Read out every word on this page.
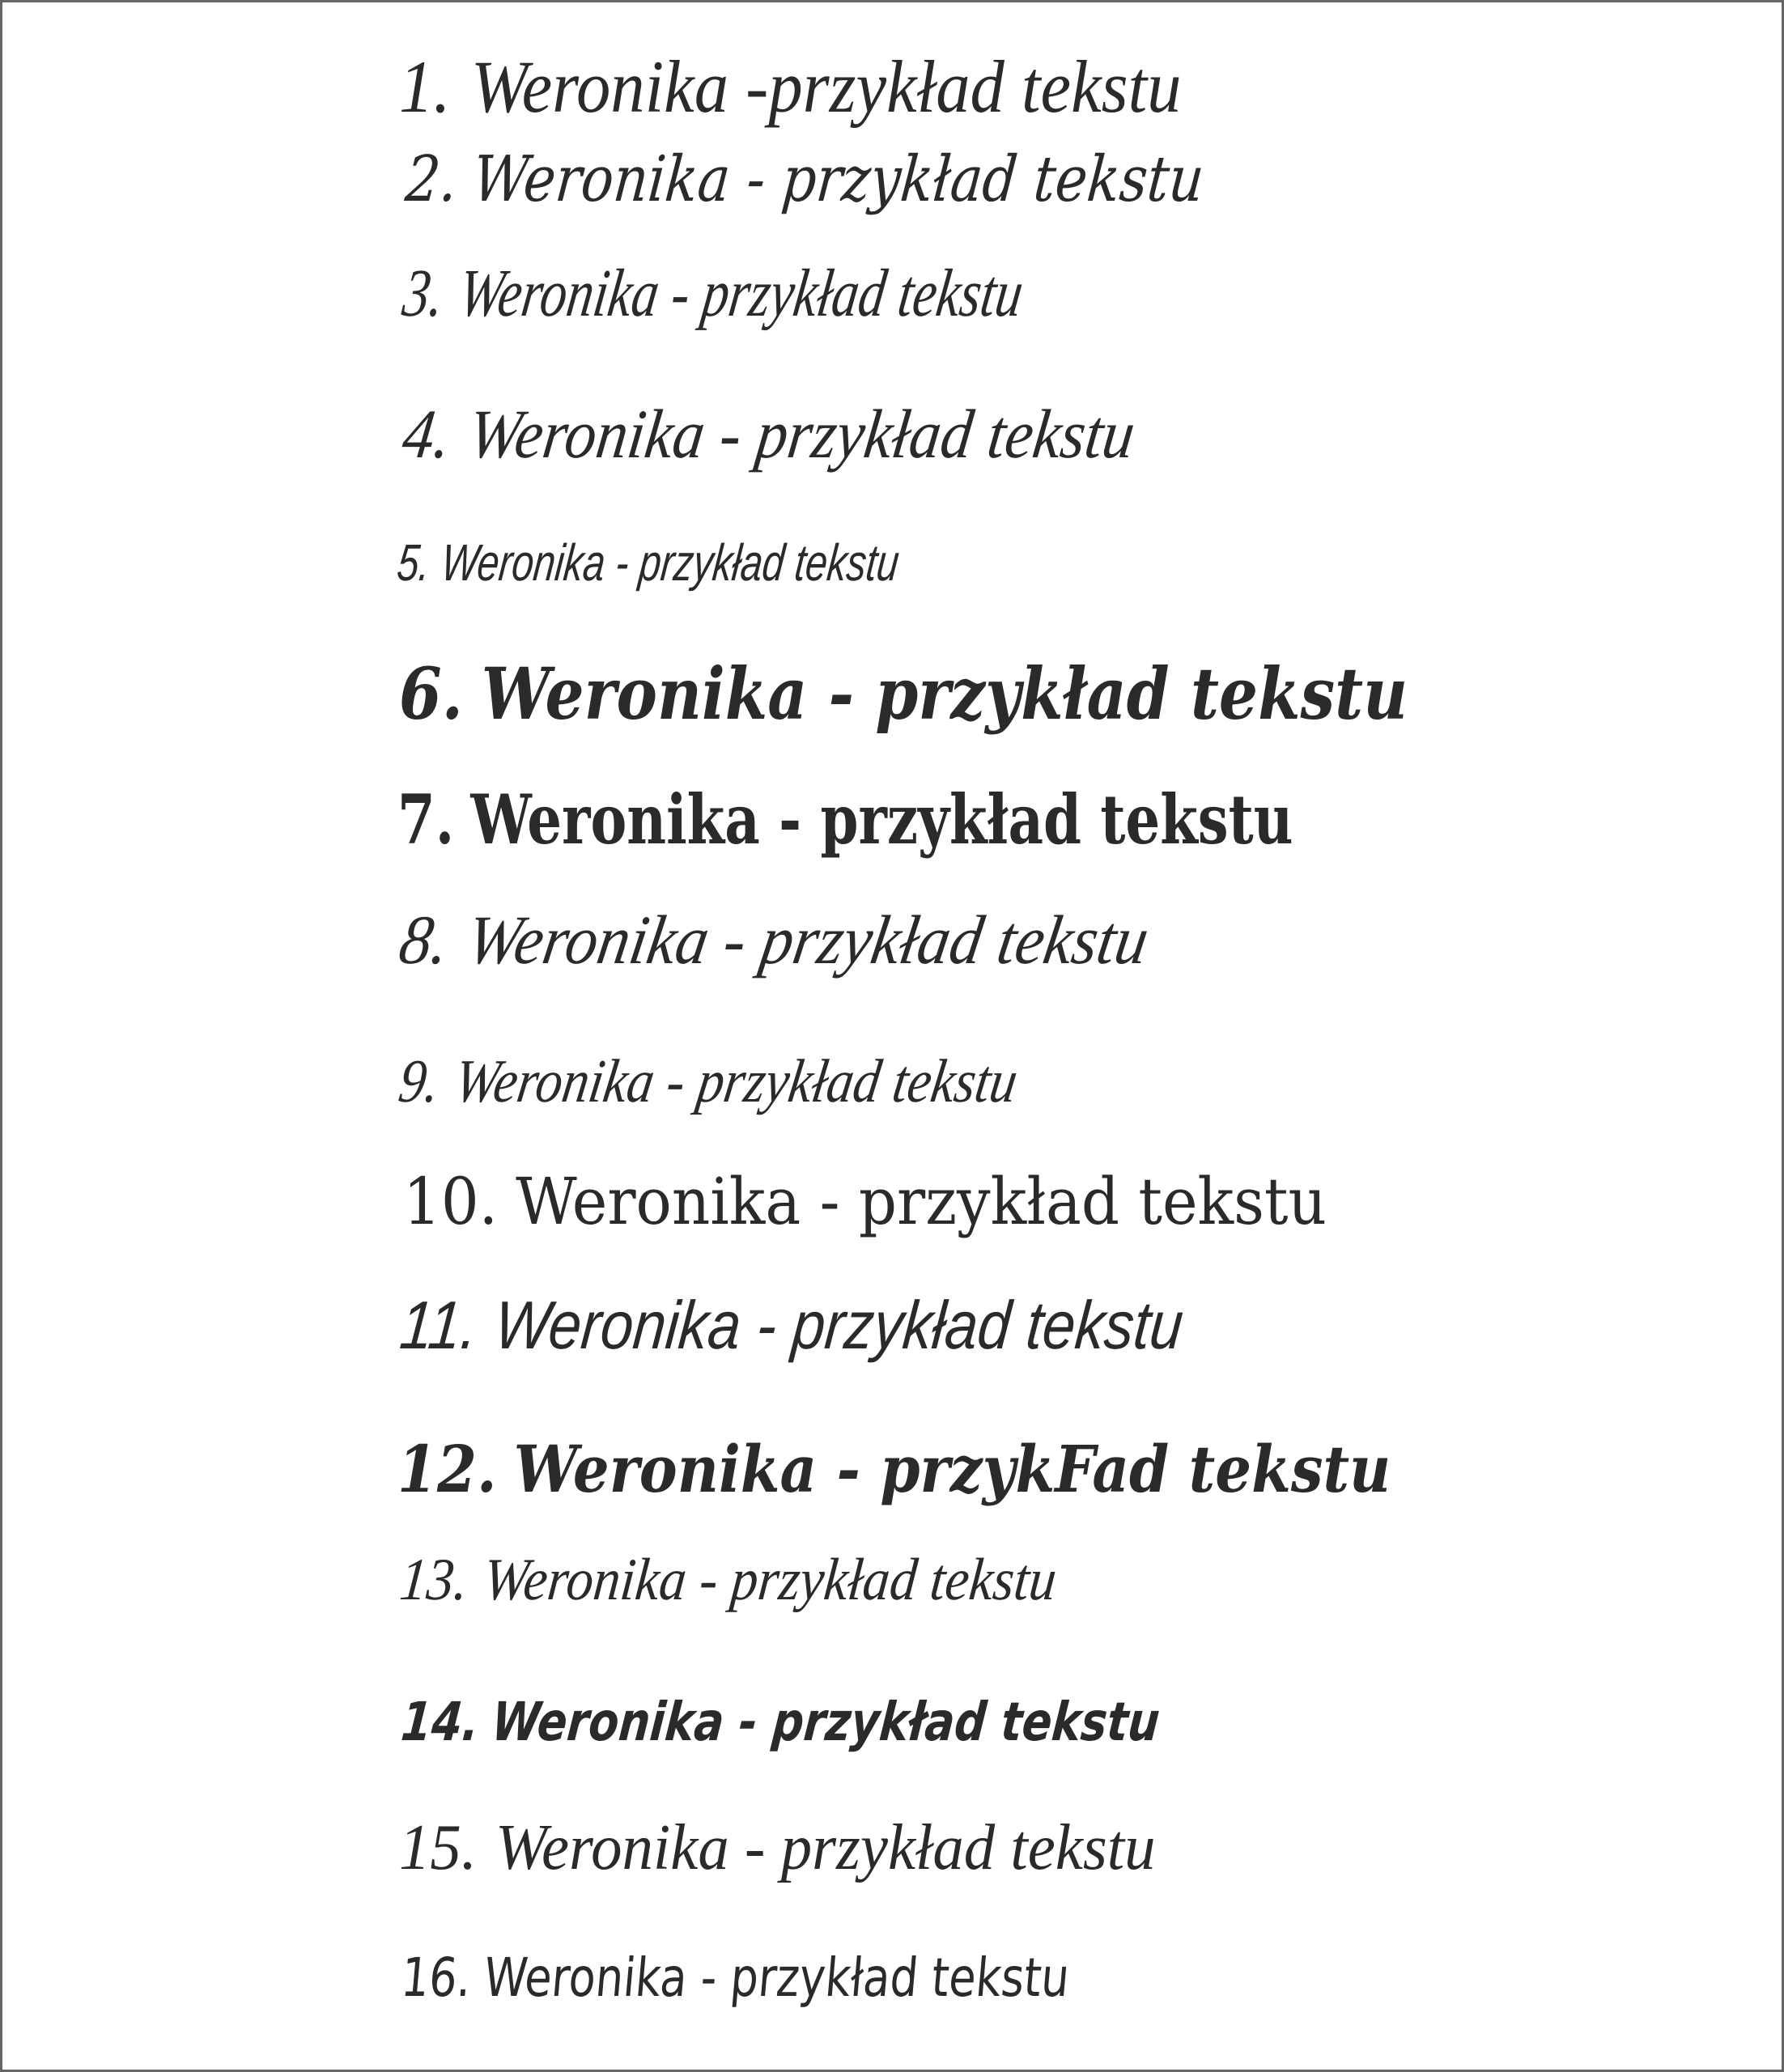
1. Weronika -przykład tekstu
2. Weronika - przykład tekstu
3.Weronika - przykład tekstu
4. Weronika - przykład tekstu
5. Weronika - przykład tekstu
6. Weronika - przykład tekstu
7. Weronika - przykład tekstu
8.Weronika - przykład tekstu
9.Weronika - przykład tekstu
10. Weronika - przykład tekstu
11. Weronika - przykład tekstu
12. Weronika - przykFad tekstu
13. Weronika - przykład tekstu
14. Weronika - przykład tekstu
15. Weronika - przykład tekstu
16. Weronika - przykład tekstu
